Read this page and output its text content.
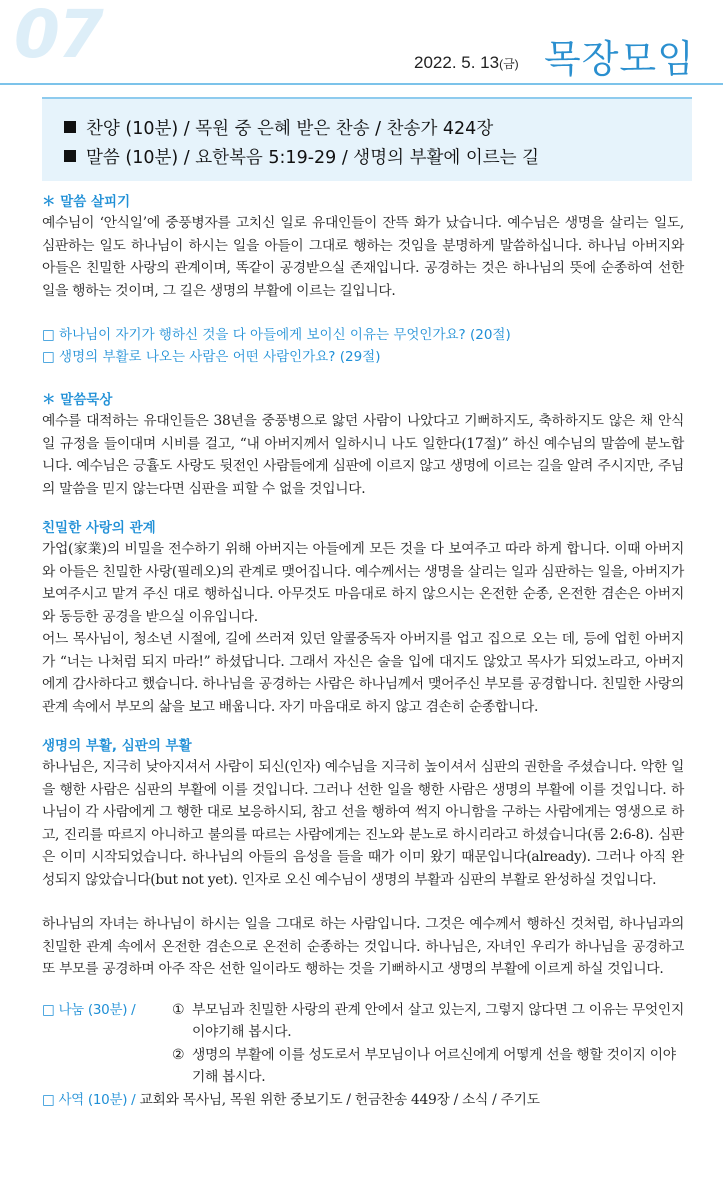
07	2022. 5. 13(금) 목장모임
찬양 (10분) / 목원 중 은혜 받은 찬송 / 찬송가 424장
말씀 (10분) / 요한복음 5:19-29 / 생명의 부활에 이르는 길
＊ 말씀 살피기

예수님이 ‘안식일’에 중풍병자를 고치신 일로 유대인들이 잔뜩 화가 났습니다. 예수님은 생명을 살리는 일도, 심판하는 일도 하나님이 하시는 일을 아들이 그대로 행하는 것임을 분명하게 말씀하십니다. 하나님 아버지와 아들은 친밀한 사랑의 관계이며, 똑같이 공경받으실 존재입니다. 공경하는 것은 하나님의 뜻에 순종하여 선한 일을 행하는 것이며, 그 길은 생명의 부활에 이르는 길입니다.

□ 하나님이 자기가 행하신 것을 다 아들에게 보이신 이유는 무엇인가요? (20절)
□ 생명의 부활로 나오는 사람은 어떤 사람인가요? (29절)
＊ 말씀묵상

예수를 대적하는 유대인들은 38년을 중풍병으로 앓던 사람이 나았다고 기뻐하지도, 축하하지도 않은 채 안식일 규정을 들이대며 시비를 걸고, “내 아버지께서 일하시니 나도 일한다(17절)” 하신 예수님의 말씀에 분노합니다. 예수님은 긍휼도 사랑도 뒷전인 사람들에게 심판에 이르지 않고 생명에 이르는 길을 알려 주시지만, 주님의 말씀을 믿지 않는다면 심판을 피할 수 없을 것입니다.

친밀한 사랑의 관계

가업(家業)의 비밀을 전수하기 위해 아버지는 아들에게 모든 것을 다 보여주고 따라 하게 합니다. 이때 아버지와 아들은 친밀한 사랑(필레오)의 관계로 맺어집니다. 예수께서는 생명을 살리는 일과 심판하는 일을, 아버지가 보여주시고 맡겨 주신 대로 행하십니다. 아무것도 마음대로 하지 않으시는 온전한 순종, 온전한 겸손은 아버지와 동등한 공경을 받으실 이유입니다.

어느 목사님이, 청소년 시절에, 길에 쓰러져 있던 알콜중독자 아버지를 업고 집으로 오는 데, 등에 업힌 아버지가 “너는 나처럼 되지 마라!” 하셨답니다. 그래서 자신은 술을 입에 대지도 않았고 목사가 되었노라고, 아버지에게 감사하다고 했습니다. 하나님을 공경하는 사람은 하나님께서 맺어주신 부모를 공경합니다. 친밀한 사랑의 관계 속에서 부모의 삶을 보고 배웁니다. 자기 마음대로 하지 않고 겸손히 순종합니다.

생명의 부활, 심판의 부활

하나님은, 지극히 낮아지셔서 사람이 되신(인자) 예수님을 지극히 높이셔서 심판의 권한을 주셨습니다. 악한 일을 행한 사람은 심판의 부활에 이를 것입니다. 그러나 선한 일을 행한 사람은 생명의 부활에 이를 것입니다. 하나님이 각 사람에게 그 행한 대로 보응하시되, 참고 선을 행하여 썩지 아니함을 구하는 사람에게는 영생으로 하고, 진리를 따르지 아니하고 불의를 따르는 사람에게는 진노와 분노로 하시리라고 하셨습니다(롬 2:6-8). 심판은 이미 시작되었습니다. 하나님의 아들의 음성을 들을 때가 이미 왔기 때문입니다(already). 그러나 아직 완성되지 않았습니다(but not yet). 인자로 오신 예수님이 생명의 부활과 심판의 부활로 완성하실 것입니다.

하나님의 자녀는 하나님이 하시는 일을 그대로 하는 사람입니다. 그것은 예수께서 행하신 것처럼, 하나님과의 친밀한 관계 속에서 온전한 겸손으로 온전히 순종하는 것입니다. 하나님은, 자녀인 우리가 하나님을 공경하고 또 부모를 공경하며 아주 작은 선한 일이라도 행하는 것을 기뻐하시고 생명의 부활에 이르게 하실 것입니다.

□ 나눔 (30분) /	① 부모님과 친밀한 사랑의 관계 안에서 살고 있는지, 그렇지 않다면 그 이유는 무엇인지 이야기해 봅시다.
② 생명의 부활에 이를 성도로서 부모님이나 어르신에게 어떻게 선을 행할 것이지 이야기해 봅시다.
□ 사역 (10분) / 교회와 목사님, 목원 위한 중보기도 / 헌금찬송 449장 / 소식 / 주기도
